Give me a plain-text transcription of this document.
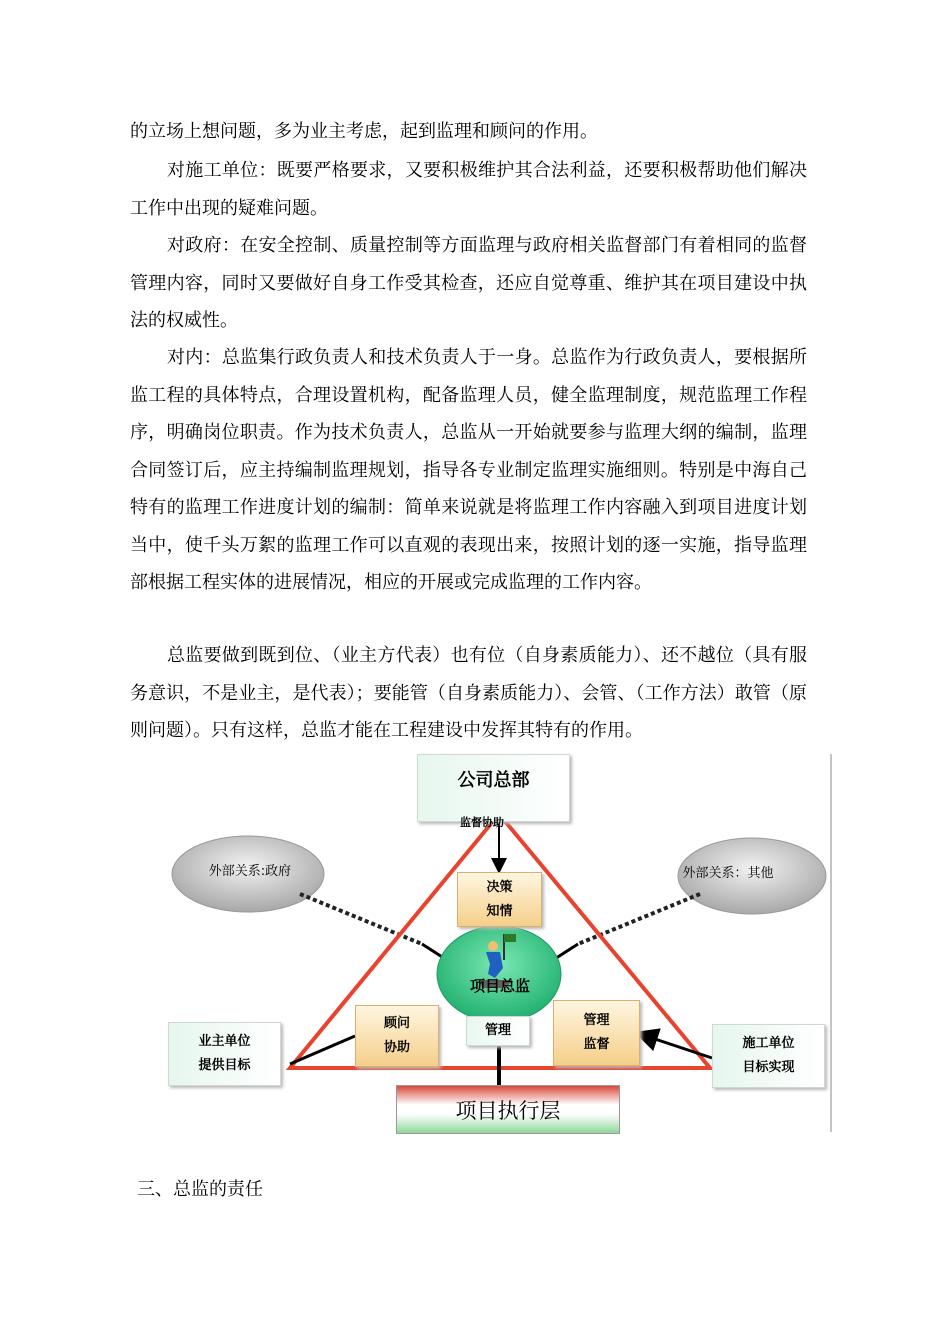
的立场上想问题，多为业主考虑，起到监理和顾问的作用。

对施工单位：既要严格要求，又要积极维护其合法利益，还要积极帮助他们解决工作中出现的疑难问题。

对政府：在安全控制、质量控制等方面监理与政府相关监督部门有着相同的监督管理内容，同时又要做好自身工作受其检查，还应自觉尊重、维护其在项目建设中执法的权威性。

对内：总监集行政负责人和技术负责人于一身。总监作为行政负责人，要根据所监工程的具体特点，合理设置机构，配备监理人员，健全监理制度，规范监理工作程序，明确岗位职责。作为技术负责人，总监从一开始就要参与监理大纲的编制，监理合同签订后，应主持编制监理规划，指导各专业制定监理实施细则。特别是中海自己特有的监理工作进度计划的编制：简单来说就是将监理工作内容融入到项目进度计划当中，使千头万絮的监理工作可以直观的表现出来，按照计划的逐一实施，指导监理部根据工程实体的进展情况，相应的开展或完成监理的工作内容。

总监要做到既到位、（业主方代表）也有位（自身素质能力）、还不越位（具有服务意识，不是业主，是代表）；要能管（自身素质能力）、会管、（工作方法）敢管（原则问题）。只有这样，总监才能在工程建设中发挥其特有的作用。

公司总部
监督协助
外部关系:政府	外部关系：其他
决策
知情
项目总监
业主单位
提供目标
顾问
协助
管理
管理
监督	施工单位
目标实现
项目执行层

三、总监的责任
